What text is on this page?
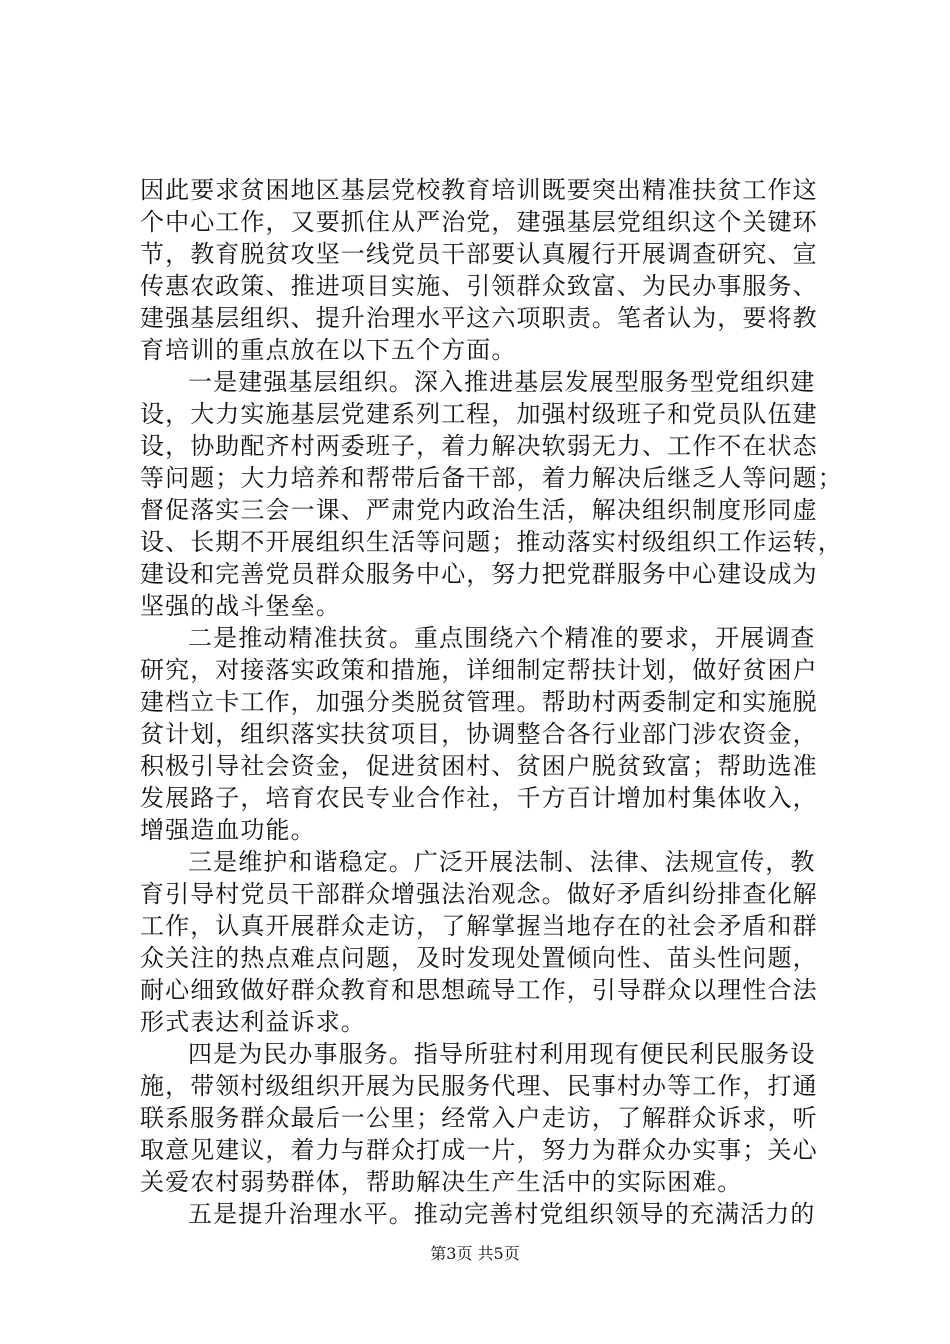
因此要求贫困地区基层党校教育培训既要突出精准扶贫工作这
个中心工作，又要抓住从严治党，建强基层党组织这个关键环
节，教育脱贫攻坚一线党员干部要认真履行开展调查研究、宣
传惠农政策、推进项目实施、引领群众致富、为民办事服务、
建强基层组织、提升治理水平这六项职责。笔者认为，要将教
育培训的重点放在以下五个方面。
一是建强基层组织。深入推进基层发展型服务型党组织建
设，大力实施基层党建系列工程，加强村级班子和党员队伍建
设，协助配齐村两委班子，着力解决软弱无力、工作不在状态
等问题；大力培养和帮带后备干部，着力解决后继乏人等问题；
督促落实三会一课、严肃党内政治生活，解决组织制度形同虚
设、长期不开展组织生活等问题；推动落实村级组织工作运转，
建设和完善党员群众服务中心，努力把党群服务中心建设成为
坚强的战斗堡垒。
二是推动精准扶贫。重点围绕六个精准的要求，开展调查
研究，对接落实政策和措施，详细制定帮扶计划，做好贫困户
建档立卡工作，加强分类脱贫管理。帮助村两委制定和实施脱
贫计划，组织落实扶贫项目，协调整合各行业部门涉农资金，
积极引导社会资金，促进贫困村、贫困户脱贫致富；帮助选准
发展路子，培育农民专业合作社，千方百计增加村集体收入，
增强造血功能。
三是维护和谐稳定。广泛开展法制、法律、法规宣传，教
育引导村党员干部群众增强法治观念。做好矛盾纠纷排查化解
工作，认真开展群众走访，了解掌握当地存在的社会矛盾和群
众关注的热点难点问题，及时发现处置倾向性、苗头性问题，
耐心细致做好群众教育和思想疏导工作，引导群众以理性合法
形式表达利益诉求。
四是为民办事服务。指导所驻村利用现有便民利民服务设
施，带领村级组织开展为民服务代理、民事村办等工作，打通
联系服务群众最后一公里；经常入户走访，了解群众诉求，听
取意见建议，着力与群众打成一片，努力为群众办实事；关心
关爱农村弱势群体，帮助解决生产生活中的实际困难。
五是提升治理水平。推动完善村党组织领导的充满活力的
第3页 共5页
